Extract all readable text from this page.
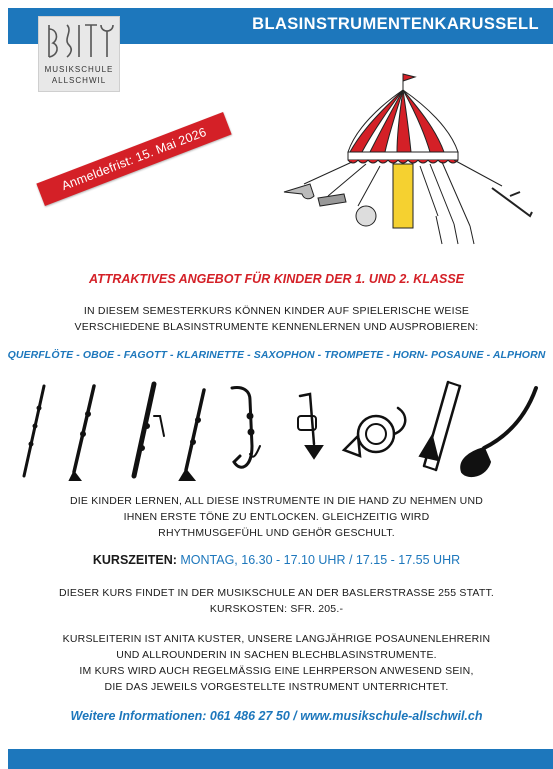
BLASINSTRUMENTENKARUSSELL
MUSIKSCHULE
ALLSCHWIL
Anmeldefrist: 15. Mai 2026
ATTRAKTIVES ANGEBOT FÜR KINDER DER 1. UND 2. KLASSE
IN DIESEM SEMESTERKURS KÖNNEN KINDER AUF SPIELERISCHE WEISE
VERSCHIEDENE BLASINSTRUMENTE KENNENLERNEN UND AUSPROBIEREN:
QUERFLÖTE - OBOE - FAGOTT - KLARINETTE - SAXOPHON - TROMPETE - HORN- POSAUNE - ALPHORN
DIE KINDER LERNEN, ALL DIESE INSTRUMENTE IN DIE HAND ZU NEHMEN UND
IHNEN ERSTE TÖNE ZU ENTLOCKEN. GLEICHZEITIG WIRD
RHYTHMUSGEFÜHL UND GEHÖR GESCHULT.
KURSZEITEN: MONTAG, 16.30 - 17.10 UHR / 17.15 - 17.55 UHR
DIESER KURS FINDET IN DER MUSIKSCHULE AN DER BASLERSTRASSE 255 STATT.
KURSKOSTEN: SFR. 205.-
KURSLEITERIN IST ANITA KUSTER, UNSERE LANGJÄHRIGE POSAUNENLEHRERIN
UND ALLROUNDERIN IN SACHEN BLECHBLASINSTRUMENTE.
IM KURS WIRD AUCH REGELMÄSSIG EINE LEHRPERSON ANWESEND SEIN,
DIE DAS JEWEILS VORGESTELLTE INSTRUMENT UNTERRICHTET.
Weitere Informationen: 061 486 27 50 / www.musikschule-allschwil.ch
